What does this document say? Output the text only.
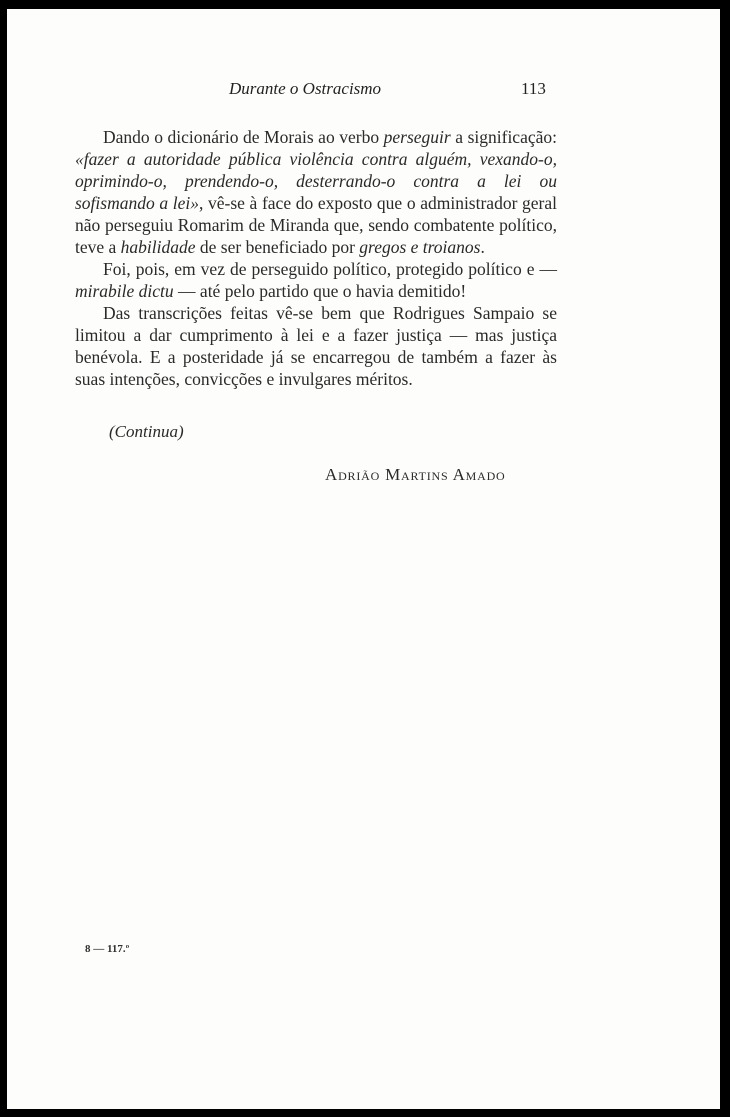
Durante o Ostracismo	113

Dando o dicionário de Morais ao verbo perseguir a significação: «fazer a autoridade pública violência contra alguém, vexando-o, oprimindo-o, prendendo-o, desterrando-o contra a lei ou sofismando a lei», vê-se à face do exposto que o administrador geral não perseguiu Romarim de Miranda que, sendo combatente político, teve a habilidade de ser beneficiado por gregos e troianos.

Foi, pois, em vez de perseguido político, protegido político e — mirabile dictu — até pelo partido que o havia demitido!

Das transcrições feitas vê-se bem que Rodrigues Sampaio se limitou a dar cumprimento à lei e a fazer justiça — mas justiça benévola. E a posteridade já se encarregou de também a fazer às suas intenções, convicções e invulgares méritos.

(Continua)
Adrião Martins Amado
8 — 117.º
